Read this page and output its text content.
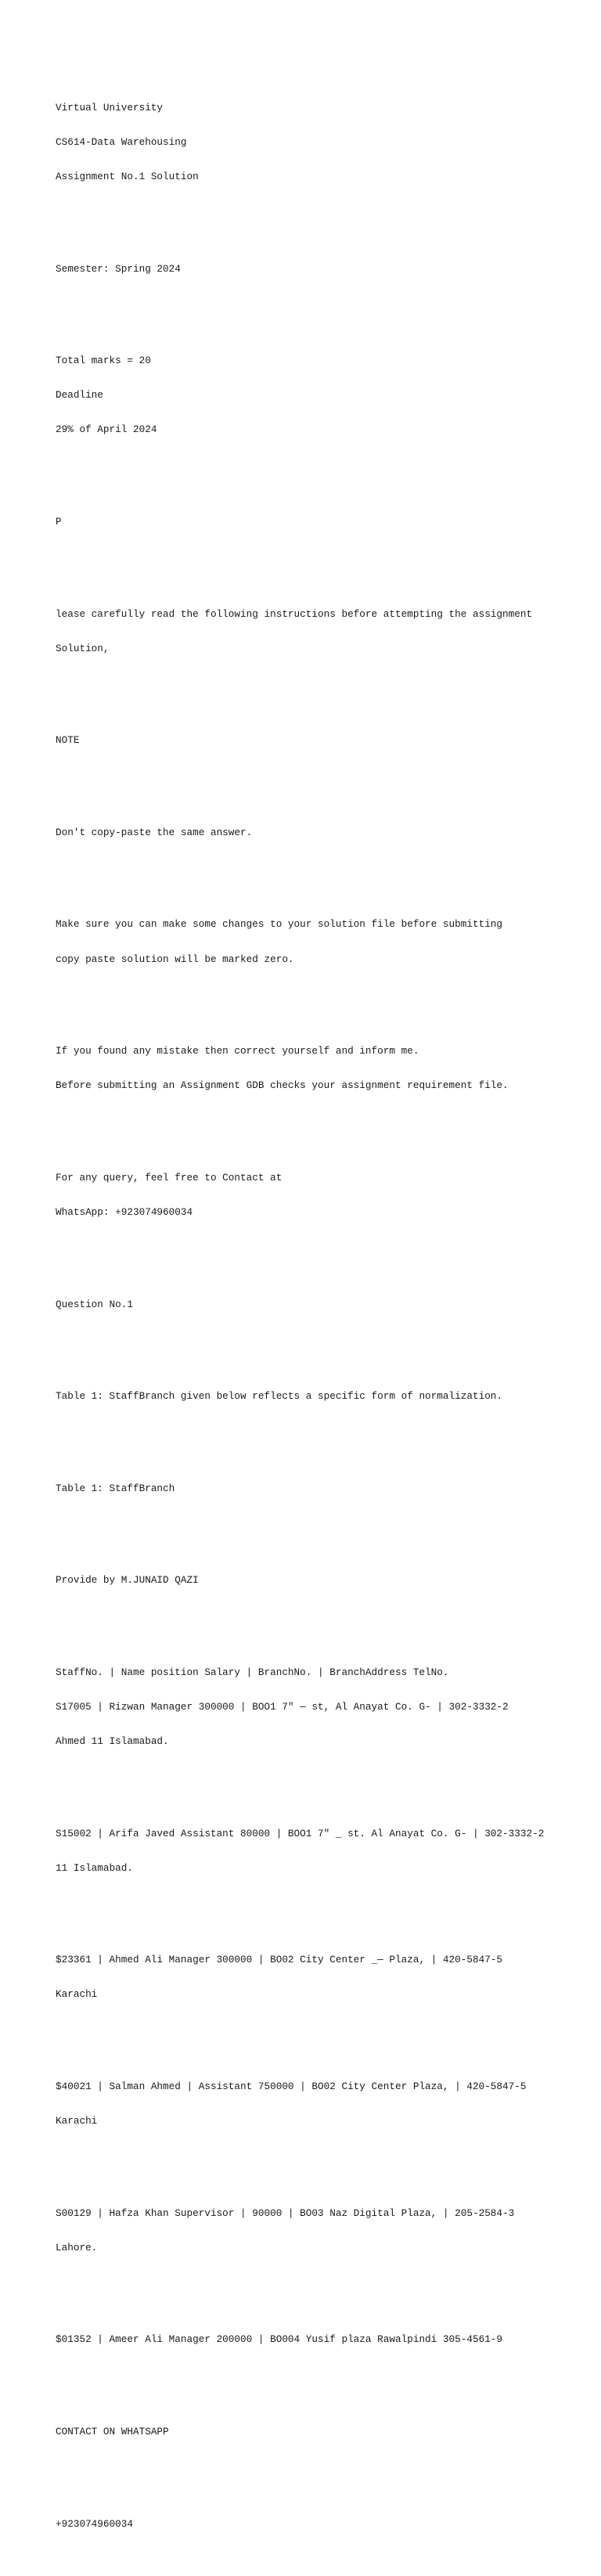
Virtual University

CS614-Data Warehousing

Assignment No.1 Solution

Semester: Spring 2024

Total marks = 20

Deadline

29% of April 2024

P

lease carefully read the following instructions before attempting the assignment

Solution,

NOTE

Don't copy-paste the same answer.

Make sure you can make some changes to your solution file before submitting

copy paste solution will be marked zero.

If you found any mistake then correct yourself and inform me.

Before submitting an Assignment GDB checks your assignment requirement file.

For any query, feel free to Contact at

WhatsApp: +923074960034

Question No.1

Table 1: StaffBranch given below reflects a specific form of normalization.

Table 1: StaffBranch

Provide by M.JUNAID QAZI

StaffNo. | Name position Salary | BranchNo. | BranchAddress TelNo.

S17005 | Rizwan Manager 300000 | BOO1 7" — st, Al Anayat Co. G- | 302-3332-2

Ahmed 11 Islamabad.

S15002 | Arifa Javed Assistant 80000 | BOO1 7" _ st. Al Anayat Co. G- | 302-3332-2

11 Islamabad.

$23361 | Ahmed Ali Manager 300000 | BO02 City Center _— Plaza, | 420-5847-5

Karachi

$40021 | Salman Ahmed | Assistant 750000 | BO02 City Center Plaza, | 420-5847-5

Karachi

S00129 | Hafza Khan Supervisor | 90000 | BO03 Naz Digital Plaza, | 205-2584-3

Lahore.

$01352 | Ameer Ali Manager 200000 | BO004 Yusif plaza Rawalpindi 305-4561-9

CONTACT ON WHATSAPP

+923074960034
